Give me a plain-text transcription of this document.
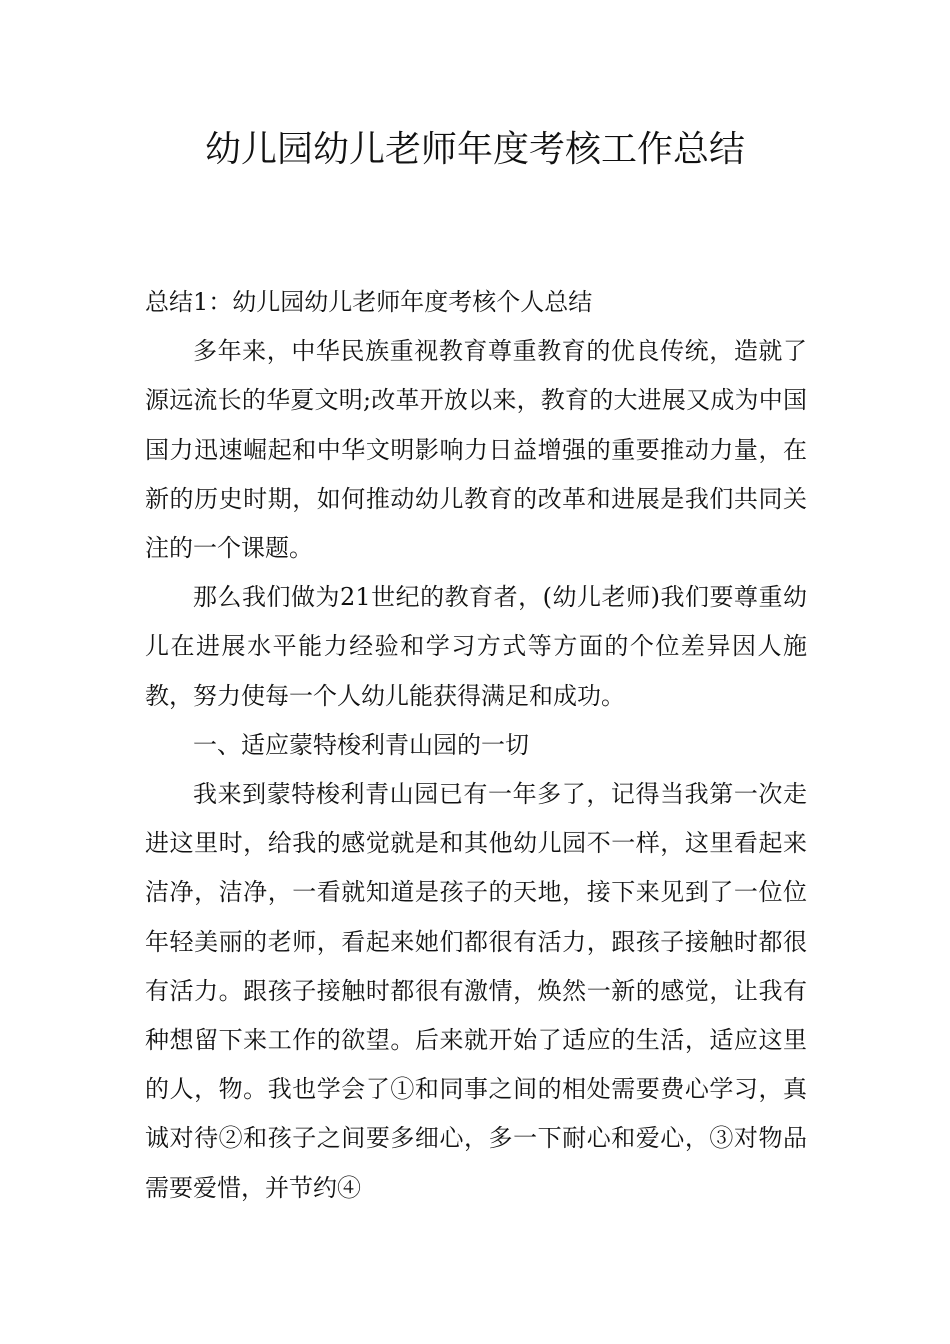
幼儿园幼儿老师年度考核工作总结
总结1：幼儿园幼儿老师年度考核个人总结

多年来，中华民族重视教育尊重教育的优良传统，造就了源远流长的华夏文明;改革开放以来，教育的大进展又成为中国国力迅速崛起和中华文明影响力日益增强的重要推动力量，在新的历史时期，如何推动幼儿教育的改革和进展是我们共同关注的一个课题。

那么我们做为21世纪的教育者，(幼儿老师)我们要尊重幼儿在进展水平能力经验和学习方式等方面的个位差异因人施教，努力使每一个人幼儿能获得满足和成功。

一、适应蒙特梭利青山园的一切

我来到蒙特梭利青山园已有一年多了，记得当我第一次走进这里时，给我的感觉就是和其他幼儿园不一样，这里看起来洁净，洁净，一看就知道是孩子的天地，接下来见到了一位位年轻美丽的老师，看起来她们都很有活力，跟孩子接触时都很有活力。跟孩子接触时都很有激情，焕然一新的感觉，让我有种想留下来工作的欲望。后来就开始了适应的生活，适应这里的人，物。我也学会了①和同事之间的相处需要费心学习，真诚对待②和孩子之间要多细心，多一下耐心和爱心，③对物品需要爱惜，并节约④
